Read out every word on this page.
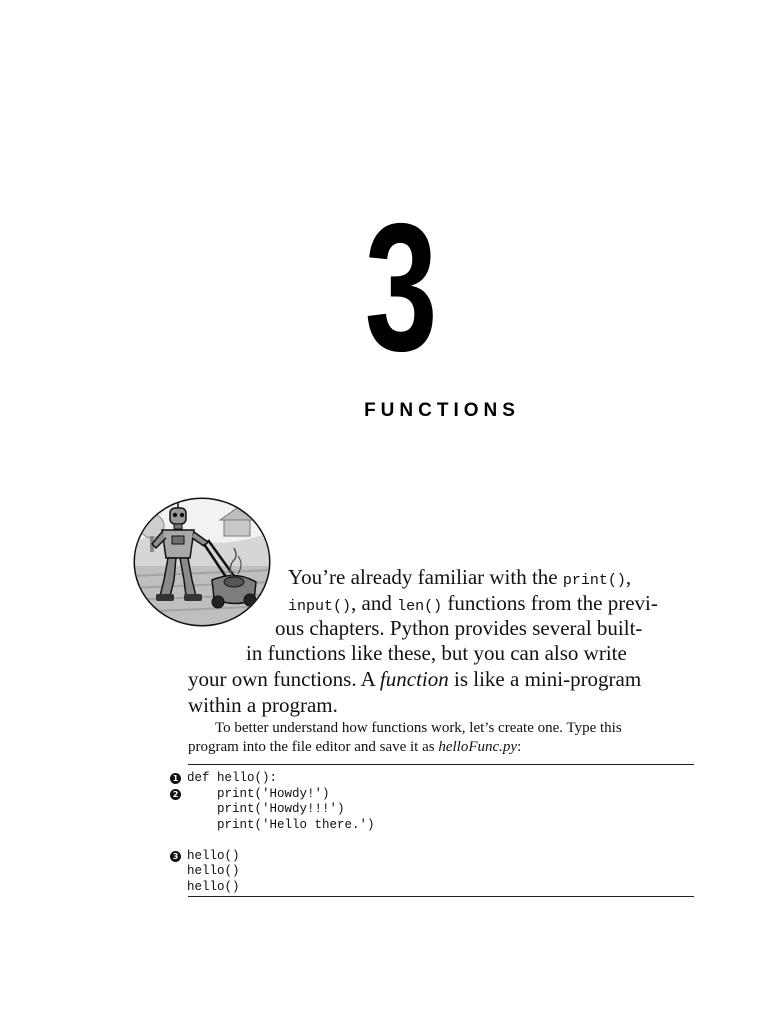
3
FUNCTIONS
You’re already familiar with the print(),
input(), and len() functions from the previ-
ous chapters. Python provides several built-
in functions like these, but you can also write
your own functions. A function is like a mini-program
within a program.
To better understand how functions work, let’s create one. Type this
program into the file editor and save it as helloFunc.py:
1 def hello():
2 print('Howdy!')
print('Howdy!!!')
print('Hello there.')
3 hello()
hello()
hello()
